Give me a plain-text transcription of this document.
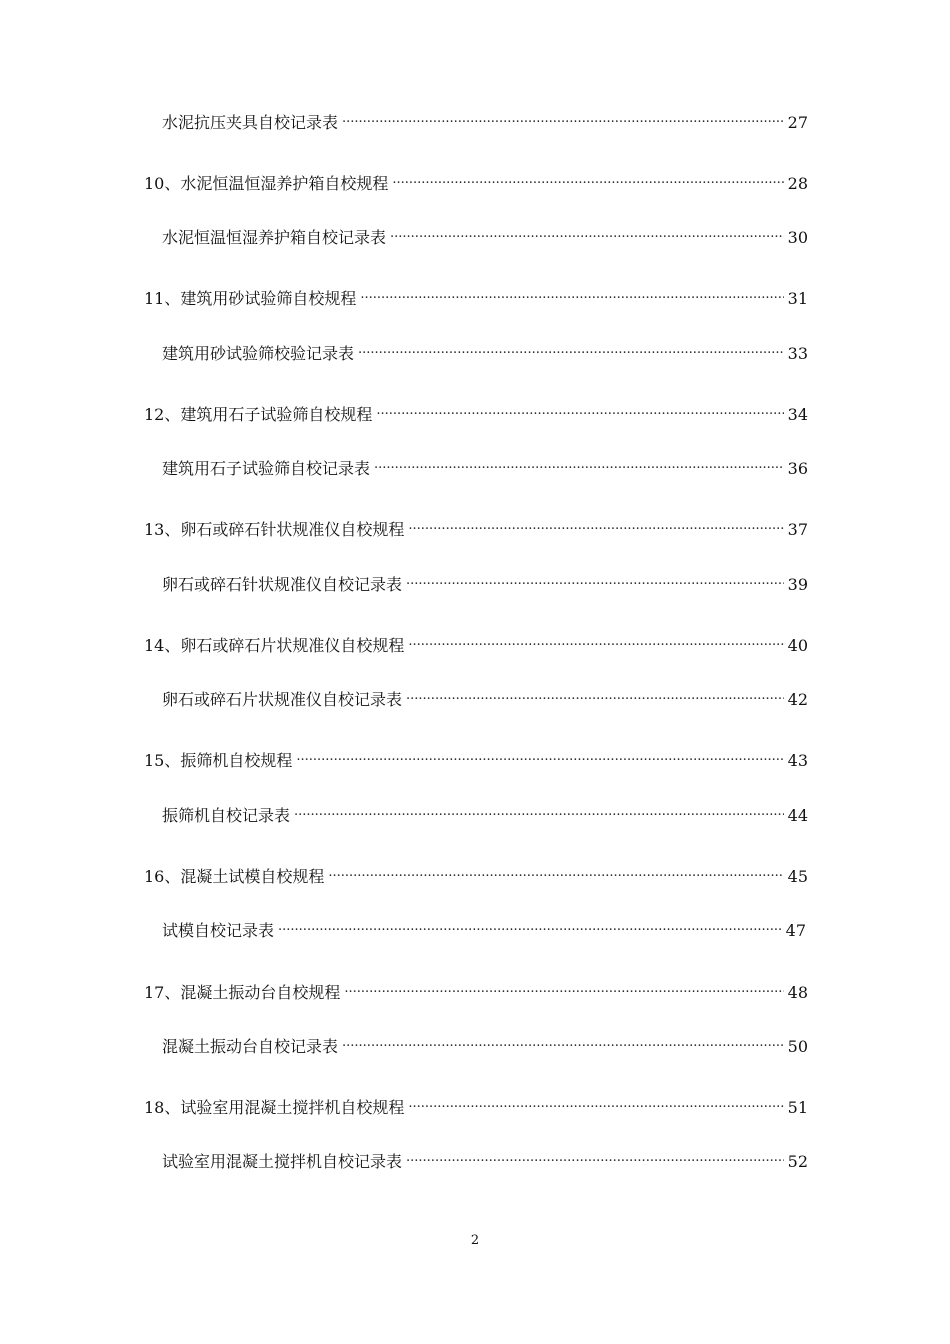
水泥抗压夹具自校记录表 .....	27
10、水泥恒温恒湿养护箱自校规程 .....	28
水泥恒温恒湿养护箱自校记录表 .....	30
11、建筑用砂试验筛自校规程 .....	31
建筑用砂试验筛校验记录表 .....	33
12、建筑用石子试验筛自校规程 .....	34
建筑用石子试验筛自校记录表 .....	36
13、卵石或碎石针状规准仪自校规程 .....	37
卵石或碎石针状规准仪自校记录表 .....	39
14、卵石或碎石片状规准仪自校规程 .....	40
卵石或碎石片状规准仪自校记录表 .....	42
15、振筛机自校规程 .....	43
振筛机自校记录表 .....	44
16、混凝土试模自校规程 .....	45
试模自校记录表 .....	47
17、混凝土振动台自校规程 .....	48
混凝土振动台自校记录表 .....	50
18、试验室用混凝土搅拌机自校规程 .....	51
试验室用混凝土搅拌机自校记录表 .....	52
2
